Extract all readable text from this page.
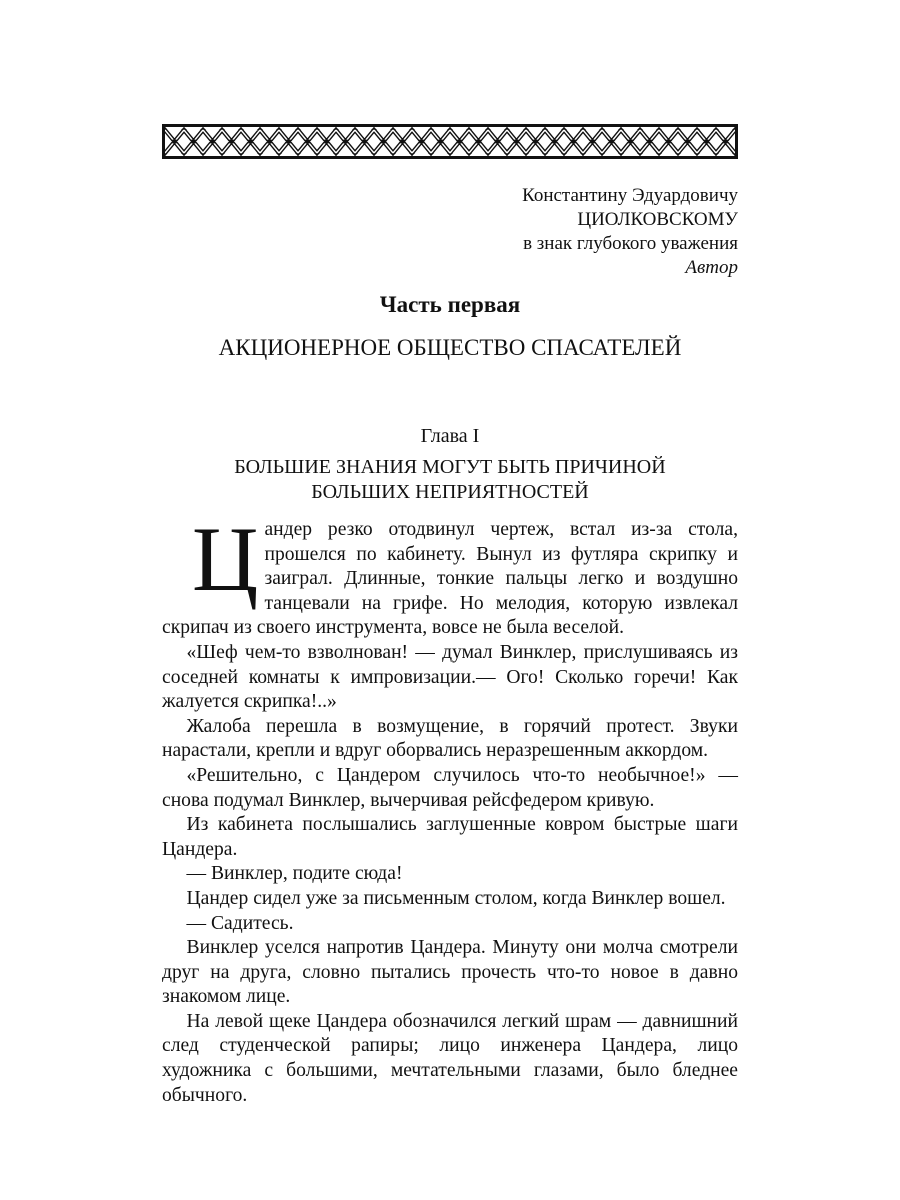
Константину Эдуардовичу
ЦИОЛКОВСКОМУ
в знак глубокого уважения
Автор
Часть первая
АКЦИОНЕРНОЕ ОБЩЕСТВО СПАСАТЕЛЕЙ
Глава I
БОЛЬШИЕ ЗНАНИЯ МОГУТ БЫТЬ ПРИЧИНОЙ
БОЛЬШИХ НЕПРИЯТНОСТЕЙ

Цандер резко отодвинул чертеж, встал из-за стола, прошелся по кабинету. Вынул из футляра скрипку и заиграл. Длинные, тонкие пальцы легко и воздушно танцевали на грифе. Но мелодия, которую извлекал скрипач из своего инструмента, вовсе не была веселой.

«Шеф чем-то взволнован! — думал Винклер, прислушиваясь из соседней комнаты к импровизации.— Ого! Сколько горечи! Как жалуется скрипка!..»

Жалоба перешла в возмущение, в горячий протест. Звуки нарастали, крепли и вдруг оборвались неразрешенным аккордом.

«Решительно, с Цандером случилось что-то необычное!» — снова подумал Винклер, вычерчивая рейсфедером кривую.

Из кабинета послышались заглушенные ковром быстрые шаги Цандера.

— Винклер, подите сюда!

Цандер сидел уже за письменным столом, когда Винклер вошел.

— Садитесь.

Винклер уселся напротив Цандера. Минуту они молча смотрели друг на друга, словно пытались прочесть что-то новое в давно знакомом лице.

На левой щеке Цандера обозначился легкий шрам — давнишний след студенческой рапиры; лицо инженера Цандера, лицо художника с большими, мечтательными глазами, было бледнее обычного.
